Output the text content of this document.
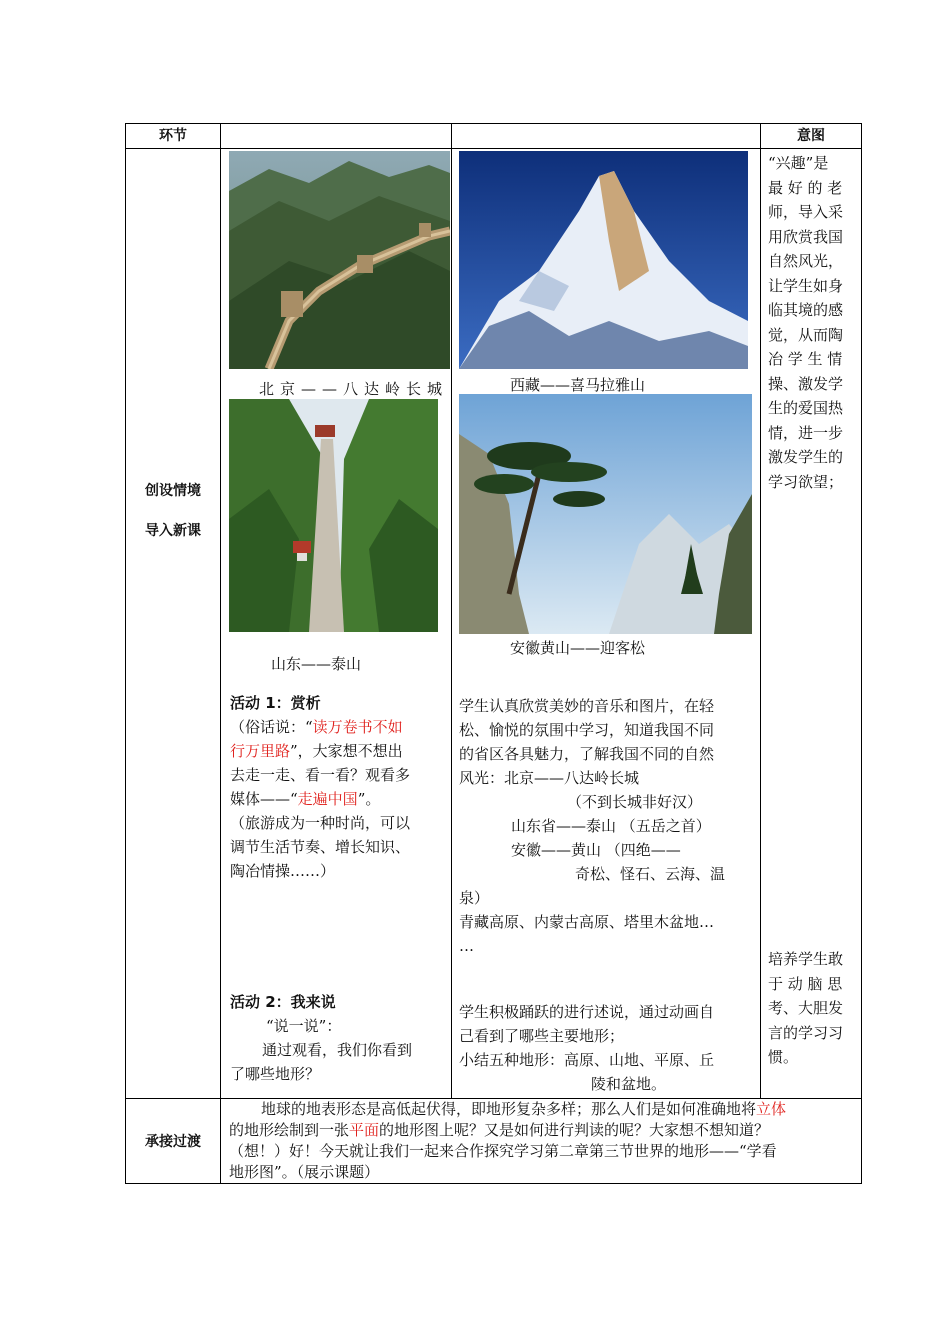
环节	意图
创设情境
导入新课
北京——八达岭长城	西藏——喜马拉雅山
山东——泰山
安徽黄山——迎客松
活动 1：赏析
（俗话说：“读万卷书不如
行万里路”，大家想不想出
去走一走、看一看？观看多
媒体——“走遍中国”。
（旅游成为一种时尚，可以
调节生活节奏、增长知识、
陶冶情操……）
活动 2：我来说
“说一说”：
通过观看，我们你看到
了哪些地形？
学生认真欣赏美妙的音乐和图片，在轻
松、愉悦的氛围中学习，知道我国不同
的省区各具魅力，了解我国不同的自然
风光：北京——八达岭长城
（不到长城非好汉）
山东省——泰山 （五岳之首）
安徽——黄山 （四绝——
奇松、怪石、云海、温
泉）
青藏高原、内蒙古高原、塔里木盆地…
…
学生积极踊跃的进行述说，通过动画自
己看到了哪些主要地形；
小结五种地形：高原、山地、平原、丘
陵和盆地。
“兴趣”是
最 好 的 老
师，导入采
用欣赏我国
自然风光，
让学生如身
临其境的感
觉，从而陶
冶 学 生 情
操、激发学
生的爱国热
情，进一步
激发学生的
学习欲望；
培养学生敢
于 动 脑 思
考、大胆发
言的学习习
惯。
承接过渡
地球的地表形态是高低起伏得，即地形复杂多样；那么人们是如何准确地将立体
的地形绘制到一张平面的地形图上呢？又是如何进行判读的呢？大家想不想知道？
（想！）好！今天就让我们一起来合作探究学习第二章第三节世界的地形——“学看
地形图”。（展示课题）
